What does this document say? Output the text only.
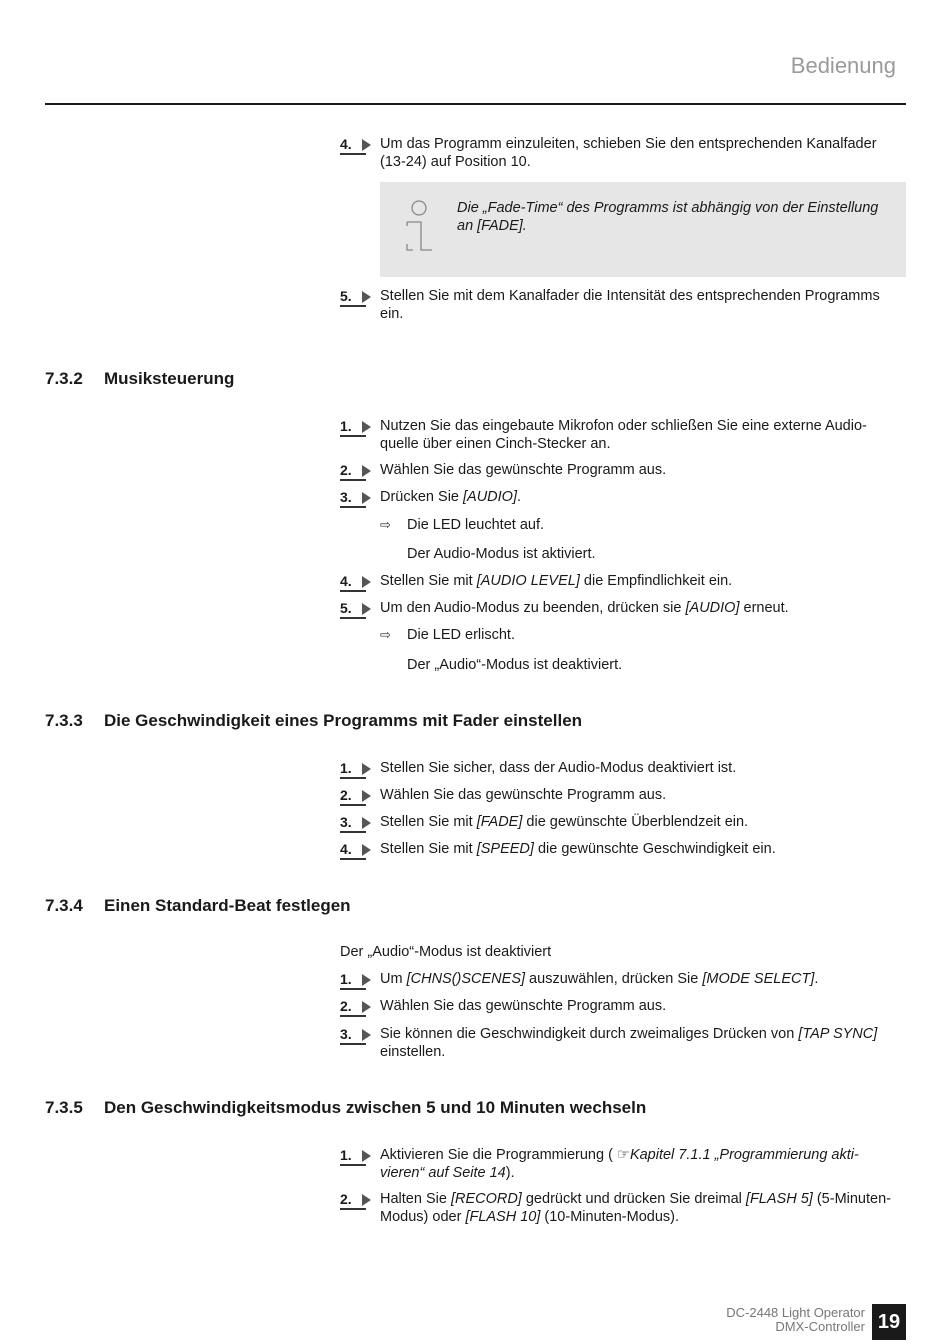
Bedienung
4.	Um das Programm einzuleiten, schieben Sie den entsprechenden Kanalfader (13-24) auf Position 10.
Die „Fade-Time“ des Programms ist abhängig von der Einstellung an [FADE].
5.	Stellen Sie mit dem Kanalfader die Intensität des entsprechenden Programms ein.
7.3.2 Musiksteuerung
1.	Nutzen Sie das eingebaute Mikrofon oder schließen Sie eine externe Audio-quelle über einen Cinch-Stecker an.
2.	Wählen Sie das gewünschte Programm aus.
3.	Drücken Sie [AUDIO].
⇨ Die LED leuchtet auf.
Der Audio-Modus ist aktiviert.
4.	Stellen Sie mit [AUDIO LEVEL] die Empfindlichkeit ein.
5.	Um den Audio-Modus zu beenden, drücken sie [AUDIO] erneut.
⇨ Die LED erlischt.
Der „Audio“-Modus ist deaktiviert.
7.3.3 Die Geschwindigkeit eines Programms mit Fader einstellen
1.	Stellen Sie sicher, dass der Audio-Modus deaktiviert ist.
2.	Wählen Sie das gewünschte Programm aus.
3.	Stellen Sie mit [FADE] die gewünschte Überblendzeit ein.
4.	Stellen Sie mit [SPEED] die gewünschte Geschwindigkeit ein.
7.3.4 Einen Standard-Beat festlegen
Der „Audio“-Modus ist deaktiviert
1.	Um [CHNS()SCENES] auszuwählen, drücken Sie [MODE SELECT].
2.	Wählen Sie das gewünschte Programm aus.
3.	Sie können die Geschwindigkeit durch zweimaliges Drücken von [TAP SYNC] einstellen.
7.3.5 Den Geschwindigkeitsmodus zwischen 5 und 10 Minuten wechseln
1.	Aktivieren Sie die Programmierung ( ☞Kapitel 7.1.1 „Programmierung akti-vieren“ auf Seite 14).
2.	Halten Sie [RECORD] gedrückt und drücken Sie dreimal [FLASH 5] (5-Minuten-Modus) oder [FLASH 10] (10-Minuten-Modus).
DC-2448 Light Operator
DMX-Controller 19
